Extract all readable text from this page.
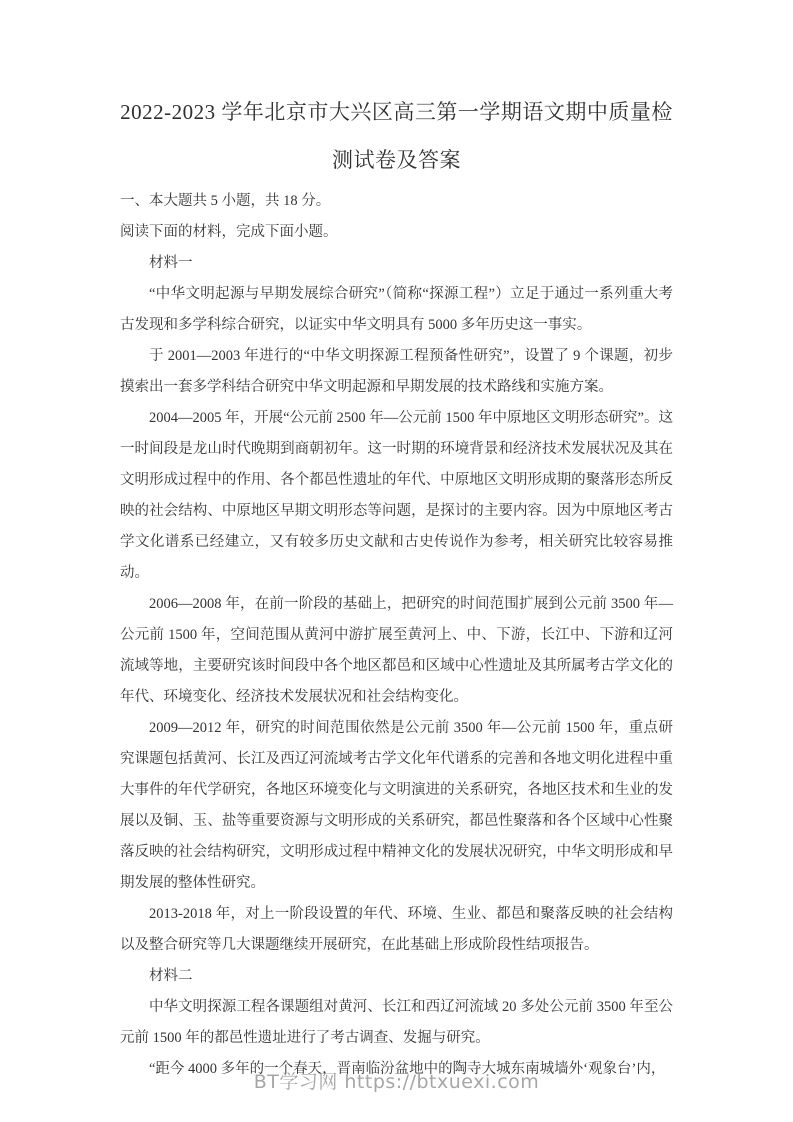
2022-2023 学年北京市大兴区高三第一学期语文期中质量检
测试卷及答案

一、本大题共 5 小题，共 18 分。

阅读下面的材料，完成下面小题。

材料一

“中华文明起源与早期发展综合研究”（简称“探源工程”）立足于通过一系列重大考古发现和多学科综合研究，以证实中华文明具有 5000 多年历史这一事实。

于 2001—2003 年进行的“中华文明探源工程预备性研究”，设置了 9 个课题，初步摸索出一套多学科结合研究中华文明起源和早期发展的技术路线和实施方案。

2004—2005 年，开展“公元前 2500 年—公元前 1500 年中原地区文明形态研究”。这一时间段是龙山时代晚期到商朝初年。这一时期的环境背景和经济技术发展状况及其在文明形成过程中的作用、各个都邑性遗址的年代、中原地区文明形成期的聚落形态所反映的社会结构、中原地区早期文明形态等问题，是探讨的主要内容。因为中原地区考古学文化谱系已经建立，又有较多历史文献和古史传说作为参考，相关研究比较容易推动。

2006—2008 年，在前一阶段的基础上，把研究的时间范围扩展到公元前 3500 年—公元前 1500 年，空间范围从黄河中游扩展至黄河上、中、下游，长江中、下游和辽河流域等地，主要研究该时间段中各个地区都邑和区域中心性遗址及其所属考古学文化的年代、环境变化、经济技术发展状况和社会结构变化。

2009—2012 年，研究的时间范围依然是公元前 3500 年—公元前 1500 年，重点研究课题包括黄河、长江及西辽河流域考古学文化年代谱系的完善和各地文明化进程中重大事件的年代学研究，各地区环境变化与文明演进的关系研究，各地区技术和生业的发展以及铜、玉、盐等重要资源与文明形成的关系研究，都邑性聚落和各个区域中心性聚落反映的社会结构研究，文明形成过程中精神文化的发展状况研究，中华文明形成和早期发展的整体性研究。

2013-2018 年，对上一阶段设置的年代、环境、生业、都邑和聚落反映的社会结构以及整合研究等几大课题继续开展研究，在此基础上形成阶段性结项报告。

材料二

中华文明探源工程各课题组对黄河、长江和西辽河流域 20 多处公元前 3500 年至公元前 1500 年的都邑性遗址进行了考古调查、发掘与研究。

“距今 4000 多年的一个春天，晋南临汾盆地中的陶寺大城东南城墙外‘观象台’内，

BT学习网 https://btxuexi.com
